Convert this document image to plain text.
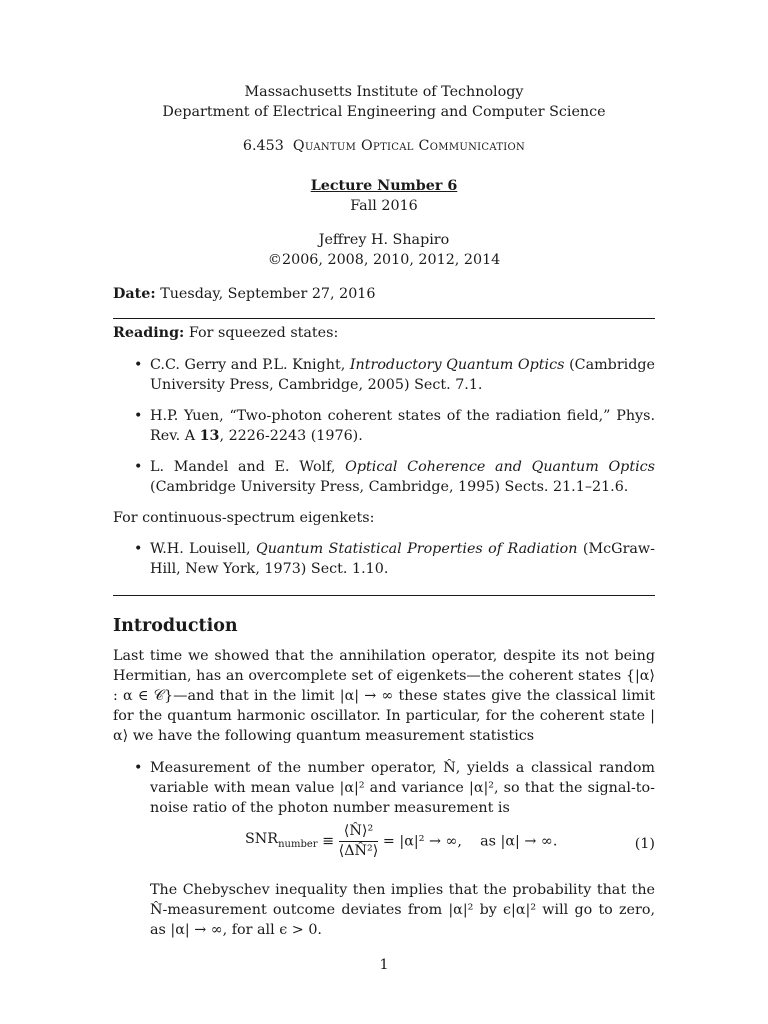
Massachusetts Institute of Technology
Department of Electrical Engineering and Computer Science
6.453 Quantum Optical Communication
Lecture Number 6
Fall 2016
Jeffrey H. Shapiro
©2006, 2008, 2010, 2012, 2014
Date: Tuesday, September 27, 2016
Reading: For squeezed states:
• C.C. Gerry and P.L. Knight, Introductory Quantum Optics (Cambridge University Press, Cambridge, 2005) Sect. 7.1.
• H.P. Yuen, “Two-photon coherent states of the radiation field,” Phys. Rev. A 13, 2226-2243 (1976).
• L. Mandel and E. Wolf, Optical Coherence and Quantum Optics (Cambridge University Press, Cambridge, 1995) Sects. 21.1–21.6.
For continuous-spectrum eigenkets:
• W.H. Louisell, Quantum Statistical Properties of Radiation (McGraw-Hill, New York, 1973) Sect. 1.10.
Introduction
Last time we showed that the annihilation operator, despite its not being Hermitian, has an overcomplete set of eigenkets—the coherent states {|α⟩ : α ∈ 𝒞}—and that in the limit |α| → ∞ these states give the classical limit for the quantum harmonic oscillator. In particular, for the coherent state |α⟩ we have the following quantum measurement statistics
• Measurement of the number operator, N̂, yields a classical random variable with mean value |α|² and variance |α|², so that the signal-to-noise ratio of the photon number measurement is
$SNR_{number} \equiv \frac{\text{⟨N̂⟩²}}{\text{⟨ΔN̂²⟩}} = |\alpha|^2$ → ∞,    as |α| → ∞.	(1)
The Chebyschev inequality then implies that the probability that the N̂-measurement outcome deviates from |α|² by ϵ|α|² will go to zero, as |α| → ∞, for all ϵ > 0.
1
